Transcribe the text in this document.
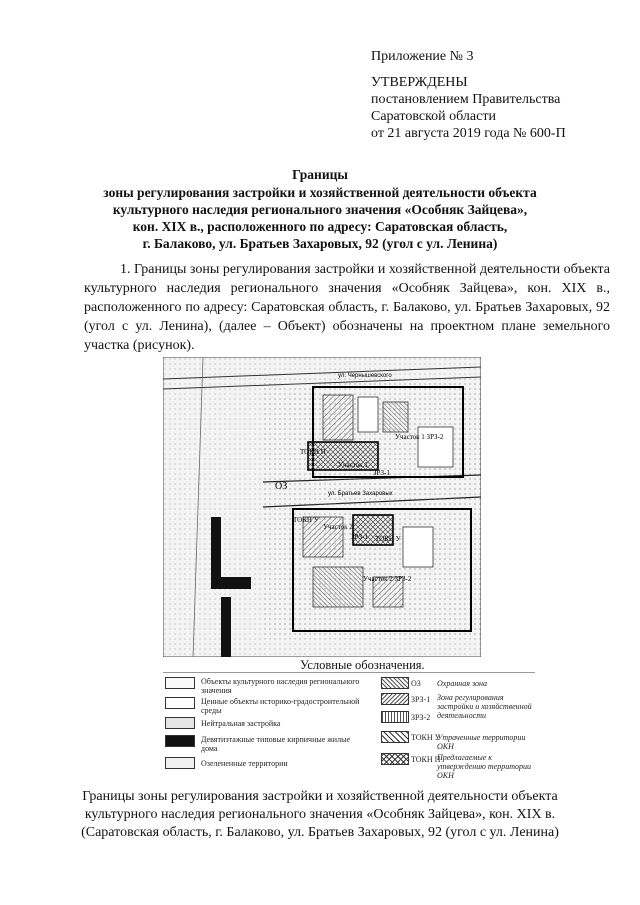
Приложение № 3
УТВЕРЖДЕНЫ
постановлением Правительства
Саратовской области
от 21 августа 2019 года № 600-П
Границы
зоны регулирования застройки и хозяйственной деятельности объекта
культурного наследия регионального значения «Особняк Зайцева»,
кон. XIX в., расположенного по адресу: Саратовская область,
г. Балаково, ул. Братьев Захаровых, 92 (угол с ул. Ленина)

1. Границы зоны регулирования застройки и хозяйственной деятельности объекта культурного наследия регионального значения «Особняк Зайцева», кон. XIX в., расположенного по адресу: Саратовская область, г. Балаково, ул. Братьев Захаровых, 92 (угол с ул. Ленина), (далее – Объект) обозначены на проектном плане земельного участка (рисунок).

ул. Чернышевского
ул. Братьев Захаровых
Участок 1 ЗРЗ-2
ТОКН П
Участок 1
ЗРЗ-1
ОЗ
ТОКН У
Участок 2
ЗРЗ-1 ТОКН У
Участок 2 ЗРЗ-2
Условные обозначения.
Объекты культурного наследия регионального значения
Ценные объекты историко-градостроительной среды
Нейтральная застройка
Девятиэтажные типовые кирпичные жилые дома
Озелененные территории
ОЗ Охранная зона
ЗРЗ-1 Зона регулирования застройки и хозяйственной деятельности
ЗРЗ-2
ТОКН У
Утраченные территории ОКН
ТОКН П
Предлагаемые к утверждению территории ОКН
Границы зоны регулирования застройки и хозяйственной деятельности объекта
культурного наследия регионального значения «Особняк Зайцева», кон. XIX в.
(Саратовская область, г. Балаково, ул. Братьев Захаровых, 92 (угол с ул. Ленина)
